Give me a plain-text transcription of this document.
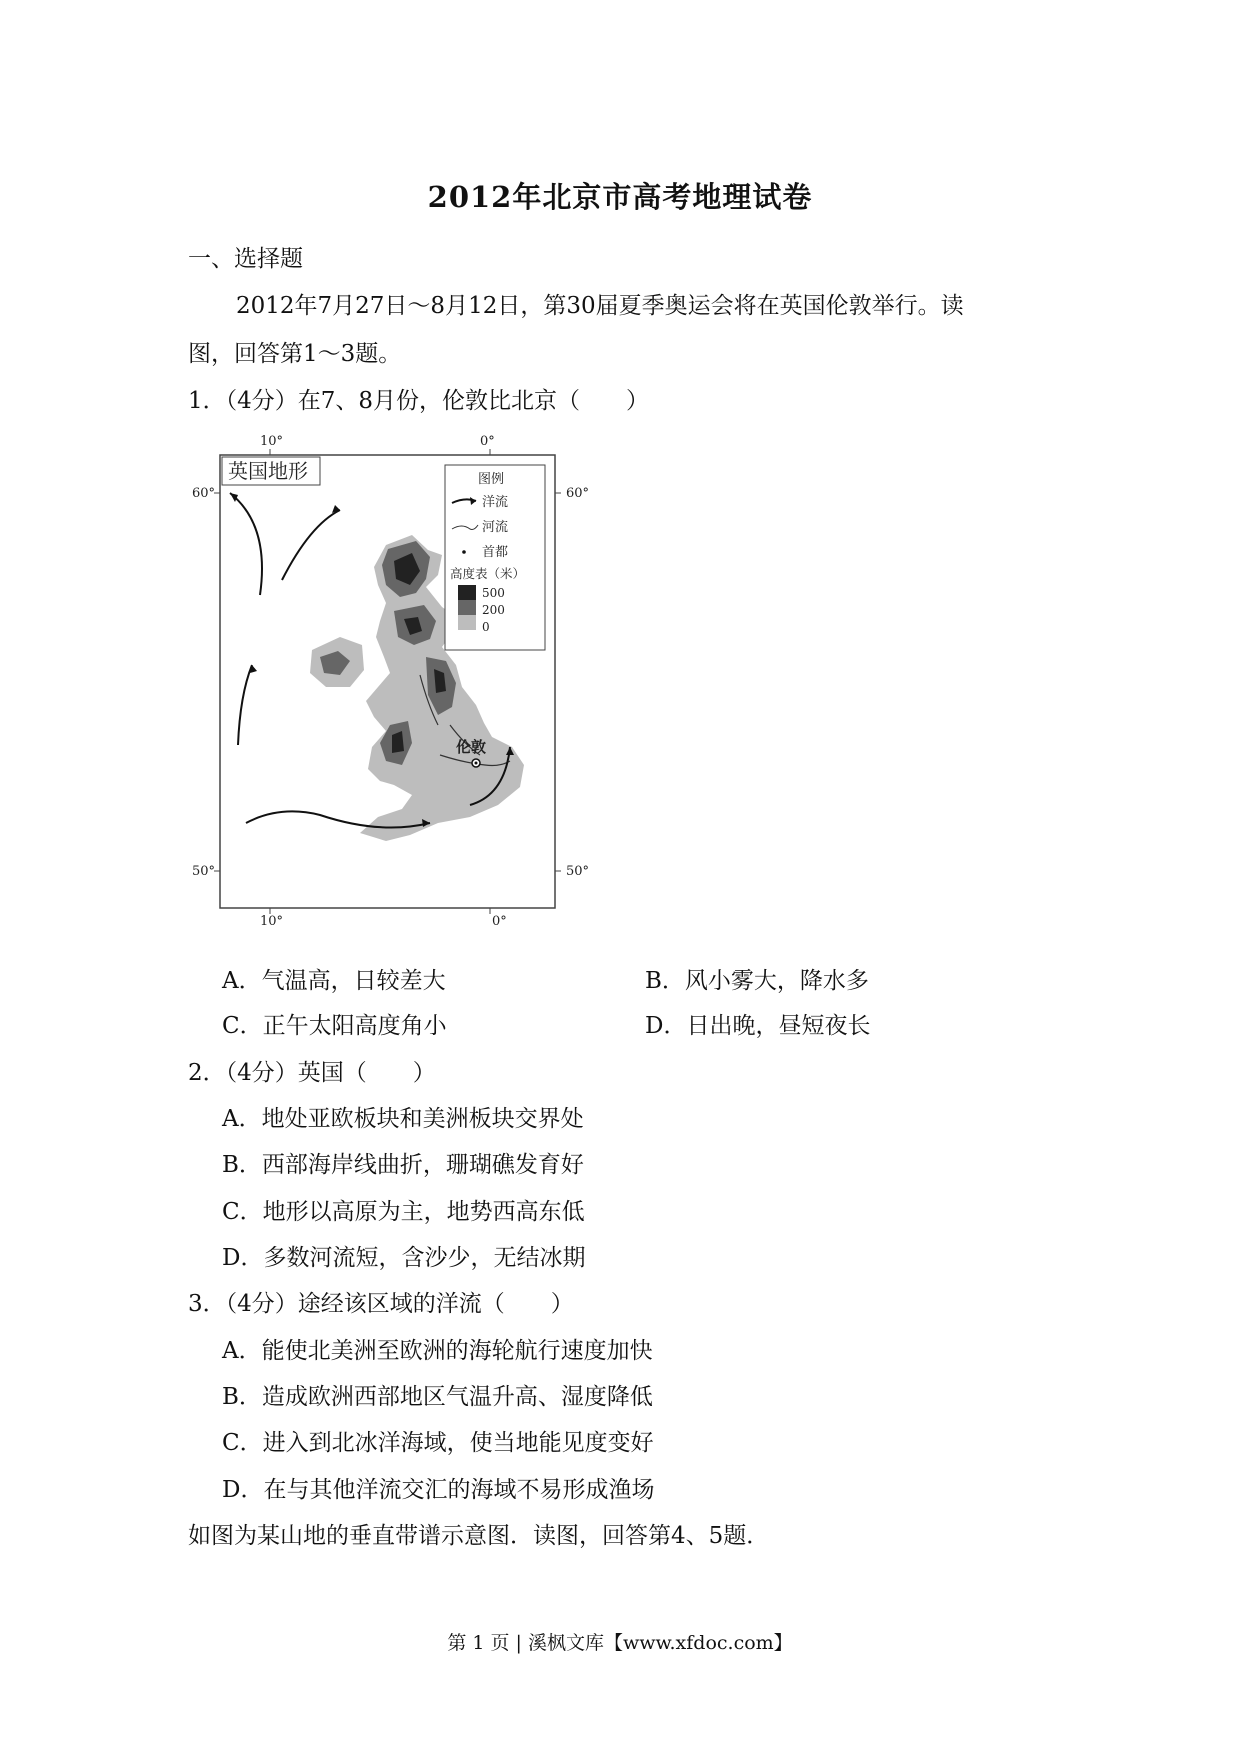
2012年北京市高考地理试卷
一、选择题
2012年7月27日～8月12日，第30届夏季奥运会将在英国伦敦举行。读
图，回答第1～3题。
1．（4分）在7、8月份，伦敦比北京（　　）
英国地形
10°	0°
10°	0°
60°	60°
50°	50°
伦敦
图例
洋流
河流
首都
高度表（米）
500
200
0
A．气温高，日较差大	B．风小雾大，降水多
C．正午太阳高度角小	D．日出晚，昼短夜长
2．（4分）英国（　　）
A．地处亚欧板块和美洲板块交界处
B．西部海岸线曲折，珊瑚礁发育好
C．地形以高原为主，地势西高东低
D．多数河流短，含沙少，无结冰期
3．（4分）途经该区域的洋流（　　）
A．能使北美洲至欧洲的海轮航行速度加快
B．造成欧洲西部地区气温升高、湿度降低
C．进入到北冰洋海域，使当地能见度变好
D．在与其他洋流交汇的海域不易形成渔场
如图为某山地的垂直带谱示意图．读图，回答第4、5题．
第 1 页 | 溪枫文库【www.xfdoc.com】
